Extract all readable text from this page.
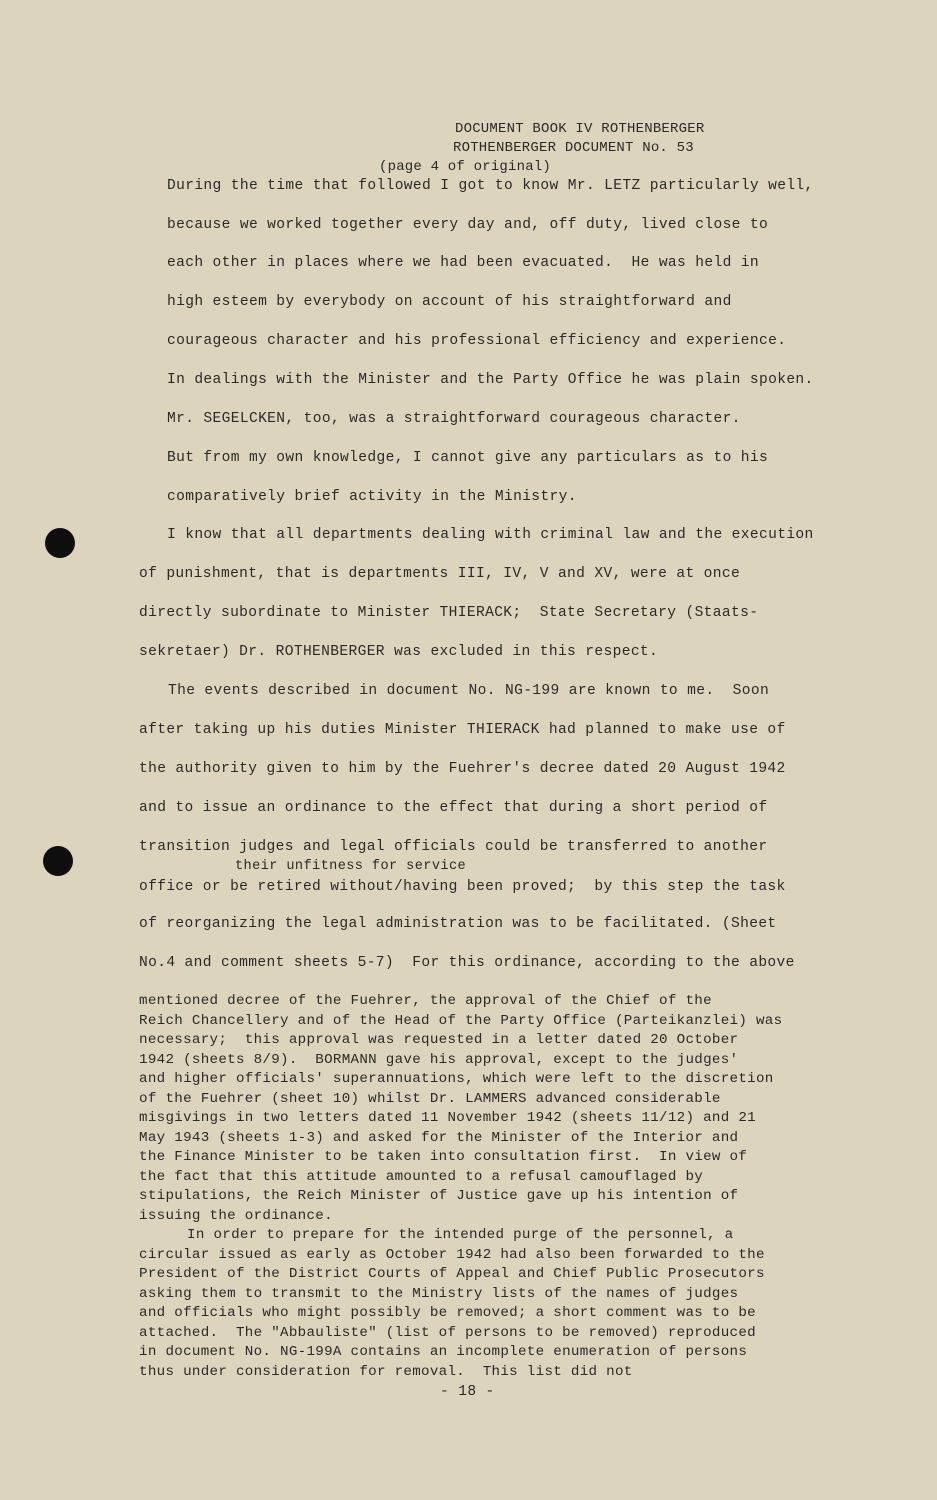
DOCUMENT BOOK IV ROTHENBERGER
ROTHENBERGER DOCUMENT No. 53
(page 4 of original)
During the time that followed I got to know Mr. LETZ particularly well,
because we worked together every day and, off duty, lived close to
each other in places where we had been evacuated.  He was held in
high esteem by everybody on account of his straightforward and
courageous character and his professional efficiency and experience.
In dealings with the Minister and the Party Office he was plain spoken.
Mr. SEGELCKEN, too, was a straightforward courageous character.
But from my own knowledge, I cannot give any particulars as to his
comparatively brief activity in the Ministry.
I know that all departments dealing with criminal law and the execution
of punishment, that is departments III, IV, V and XV, were at once
directly subordinate to Minister THIERACK;  State Secretary (Staats-
sekretaer) Dr. ROTHENBERGER was excluded in this respect.
The events described in document No. NG-199 are known to me.  Soon
after taking up his duties Minister THIERACK had planned to make use of
the authority given to him by the Fuehrer's decree dated 20 August 1942
and to issue an ordinance to the effect that during a short period of
transition judges and legal officials could be transferred to another
their unfitness for service
office or be retired without/having been proved;  by this step the task
of reorganizing the legal administration was to be facilitated. (Sheet
No.4 and comment sheets 5-7)  For this ordinance, according to the above
mentioned decree of the Fuehrer, the approval of the Chief of the
Reich Chancellery and of the Head of the Party Office (Parteikanzlei) was
necessary;  this approval was requested in a letter dated 20 October
1942 (sheets 8/9).  BORMANN gave his approval, except to the judges'
and higher officials' superannuations, which were left to the discretion
of the Fuehrer (sheet 10) whilst Dr. LAMMERS advanced considerable
misgivings in two letters dated 11 November 1942 (sheets 11/12) and 21
May 1943 (sheets 1-3) and asked for the Minister of the Interior and
the Finance Minister to be taken into consultation first.  In view of
the fact that this attitude amounted to a refusal camouflaged by
stipulations, the Reich Minister of Justice gave up his intention of
issuing the ordinance.
In order to prepare for the intended purge of the personnel, a
circular issued as early as October 1942 had also been forwarded to the
President of the District Courts of Appeal and Chief Public Prosecutors
asking them to transmit to the Ministry lists of the names of judges
and officials who might possibly be removed; a short comment was to be
attached.  The "Abbauliste" (list of persons to be removed) reproduced
in document No. NG-199A contains an incomplete enumeration of persons
thus under consideration for removal.  This list did not
- 18 -
